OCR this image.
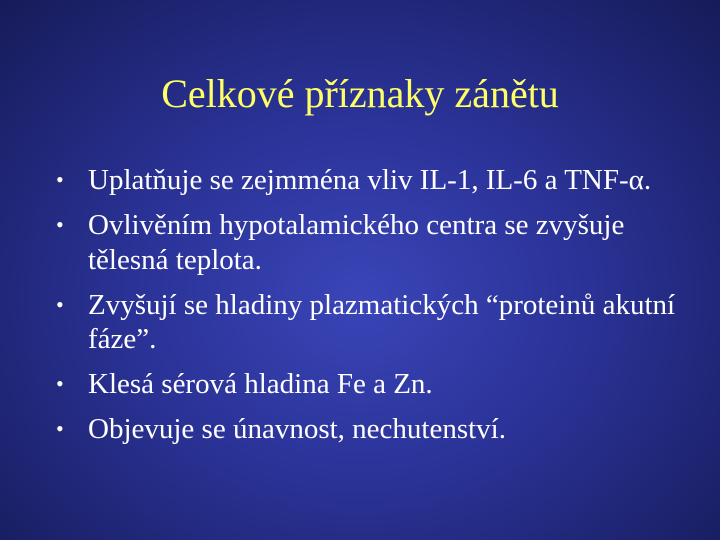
Celkové příznaky zánětu
• Uplatňuje se zejmména vliv IL-1, IL-6 a TNF-α.
• Ovlivěním hypotalamického centra se zvyšuje tělesná teplota.
• Zvyšují se hladiny plazmatických “proteinů akutní fáze”.
• Klesá sérová hladina Fe a Zn.
• Objevuje se únavnost, nechutenství.
